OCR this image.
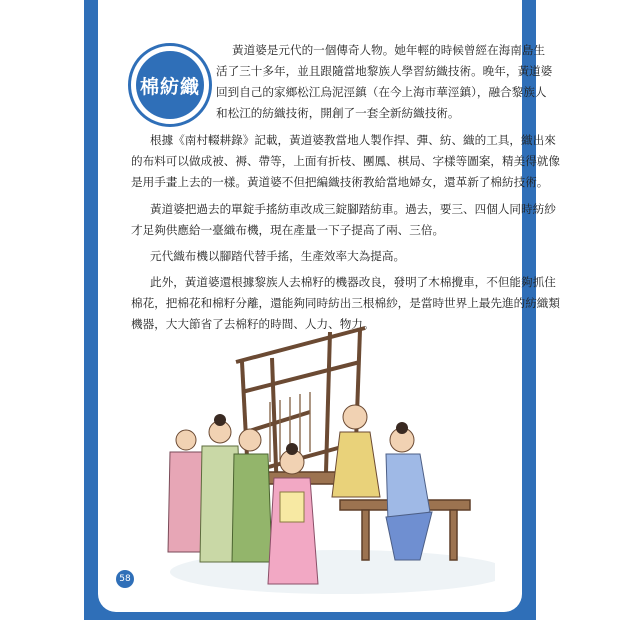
棉紡織
黃道婆是元代的一個傳奇人物。她年輕的時候曾經在海南島生
活了三十多年，並且跟隨當地黎族人學習紡織技術。晚年，黃道婆
回到自己的家鄉松江烏泥涇鎮（在今上海市華涇鎮），融合黎族人
和松江的紡織技術，開創了一套全新紡織技術。
根據《南村輟耕錄》記載，黃道婆教當地人製作捍、彈、紡、織的工具，織出來
的布料可以做成被、褥、帶等，上面有折枝、團鳳、棋局、字樣等圖案，精美得就像
是用手畫上去的一樣。黃道婆不但把編織技術教給當地婦女，還革新了棉紡技術。
黃道婆把過去的單錠手搖紡車改成三錠腳踏紡車。過去，要三、四個人同時紡紗
才足夠供應給一臺織布機，現在產量一下子提高了兩、三倍。
元代織布機以腳踏代替手搖，生產效率大為提高。
此外，黃道婆還根據黎族人去棉籽的機器改良，發明了木棉攪車，不但能夠抓住
棉花，把棉花和棉籽分離，還能夠同時紡出三根棉紗，是當時世界上最先進的紡織類
機器，大大節省了去棉籽的時間、人力、物力。
58
